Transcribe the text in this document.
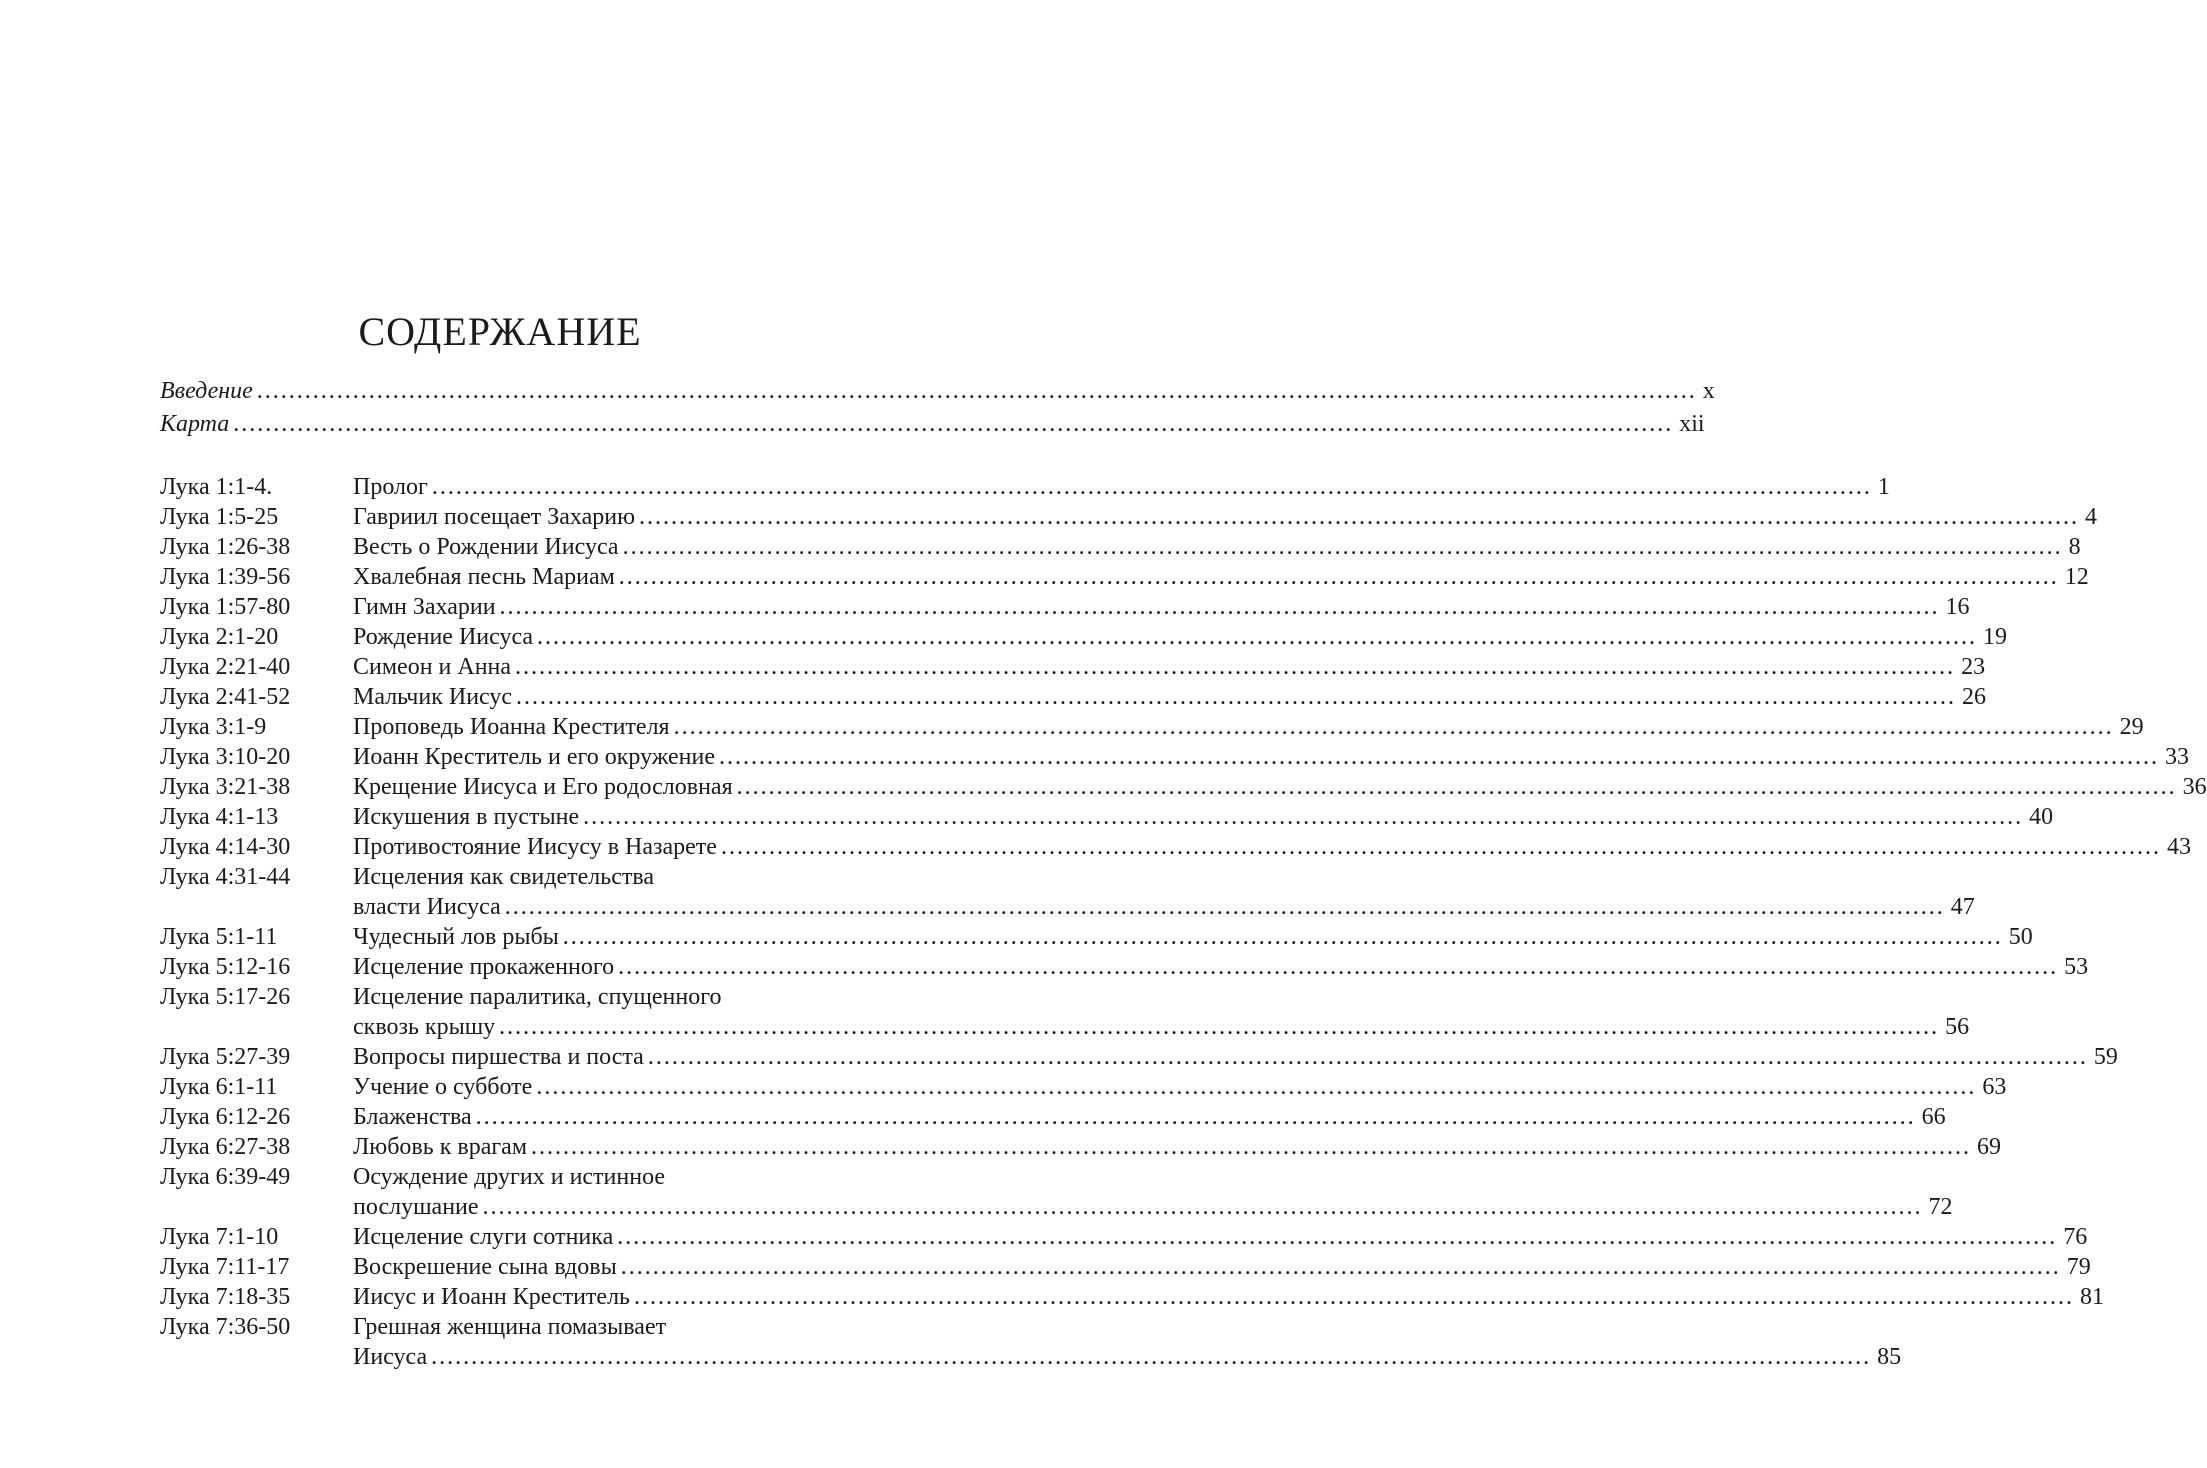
СОДЕРЖАНИЕ
Введение .....	x
Карта .....	xii
Лука 1:1-4.	Пролог .....	1
Лука 1:5-25	Гавриил посещает Захарию .....	4
Лука 1:26-38	Весть о Рождении Иисуса .....	8
Лука 1:39-56	Хвалебная песнь Мариам .....	12
Лука 1:57-80	Гимн Захарии .....	16
Лука 2:1-20	Рождение Иисуса .....	19
Лука 2:21-40	Симеон и Анна .....	23
Лука 2:41-52	Мальчик Иисус .....	26
Лука 3:1-9	Проповедь Иоанна Крестителя .....	29
Лука 3:10-20	Иоанн Креститель и его окружение .....	33
Лука 3:21-38	Крещение Иисуса и Его родословная .....	36
Лука 4:1-13	Искушения в пустыне .....	40
Лука 4:14-30	Противостояние Иисусу в Назарете .....	43
Лука 4:31-44	Исцеления как свидетельства
власти Иисуса .....	47
Лука 5:1-11	Чудесный лов рыбы .....	50
Лука 5:12-16	Исцеление прокаженного .....	53
Лука 5:17-26	Исцеление паралитика, спущенного
сквозь крышу .....	56
Лука 5:27-39	Вопросы пиршества и поста .....	59
Лука 6:1-11	Учение о субботе .....	63
Лука 6:12-26	Блаженства .....	66
Лука 6:27-38	Любовь к врагам .....	69
Лука 6:39-49	Осуждение других и истинное
послушание .....	72
Лука 7:1-10	Исцеление слуги сотника .....	76
Лука 7:11-17	Воскрешение сына вдовы .....	79
Лука 7:18-35	Иисус и Иоанн Креститель .....	81
Лука 7:36-50	Грешная женщина помазывает
Иисуса .....	85
